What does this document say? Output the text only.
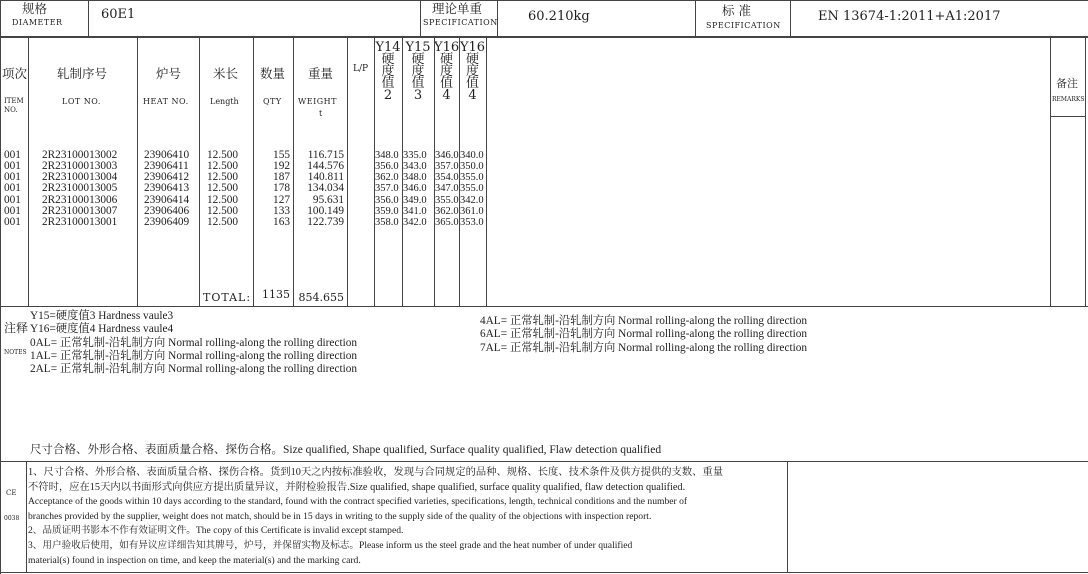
规格
DIAMETER
60E1	理论单重
SPECIFICATION 60.210kg	标 准
SPECIFICATION
EN 13674-1:2011+A1:2017
项次
ITEM NO.
轧制序号
LOT NO.
炉号
HEAT NO.
米长
Length
数量
QTY
重量
WEIGHT
t
L/P
Y14
硬
度
值
2
Y15
硬
度
值
3
Y16
硬
度
值
4
Y16
硬
度
值
4
备注
REMARKS

001
001
001
001
001
001
001

2R23100013002
2R23100013003
2R23100013004
2R23100013005
2R23100013006
2R23100013007
2R23100013001

23906410
23906411
23906412
23906413
23906414
23906406
23906409

12.500
12.500
12.500
12.500
12.500
12.500
12.500

155
192
187
178
127
133
163

116.715
144.576
140.811
134.034
95.631
100.149
122.739

348.0
356.0
362.0
357.0
356.0
359.0
358.0

335.0
343.0
348.0
346.0
349.0
341.0
342.0

346.0
357.0
354.0
347.0
355.0
362.0
365.0

340.0
350.0
355.0
355.0
342.0
361.0
353.0

TOTAL: 1135 854.655
注释
NOTES
Y15=硬度值3 Hardness vaule3
Y16=硬度值4 Hardness vaule4
0AL= 正常轧制-沿轧制方向 Normal rolling-along the rolling direction
1AL= 正常轧制-沿轧制方向 Normal rolling-along the rolling direction
2AL= 正常轧制-沿轧制方向 Normal rolling-along the rolling direction
4AL= 正常轧制-沿轧制方向 Normal rolling-along the rolling direction
6AL= 正常轧制-沿轧制方向 Normal rolling-along the rolling direction
7AL= 正常轧制-沿轧制方向 Normal rolling-along the rolling direction
尺寸合格、外形合格、表面质量合格、探伤合格。Size qualified, Shape qualified, Surface quality qualified, Flaw detection qualified
CE
0038
1、尺寸合格、外形合格、表面质量合格、探伤合格。货到10天之内按标准验收，发现与合同规定的品种、规格、长度、技术条件及供方提供的支数、重量
不符时，应在15天内以书面形式向供应方提出质量异议，并附检验报告.Size qualified, shape qualified, surface quality qualified, flaw detection qualified.
Acceptance of the goods within 10 days according to the standard, found with the contract specified varieties, specifications, length, technical conditions and the number of
branches provided by the supplier, weight does not match, should be in 15 days in writing to the supply side of the quality of the objections with inspection report.
2、品质证明书影本不作有效证明文件。The copy of this Certificate is invalid except stamped.
3、用户验收后使用，如有异议应详细告知其牌号，炉号，并保留实物及标志。Please inform us the steel grade and the heat number of under qualified
material(s) found in inspection on time, and keep the material(s) and the marking card.
